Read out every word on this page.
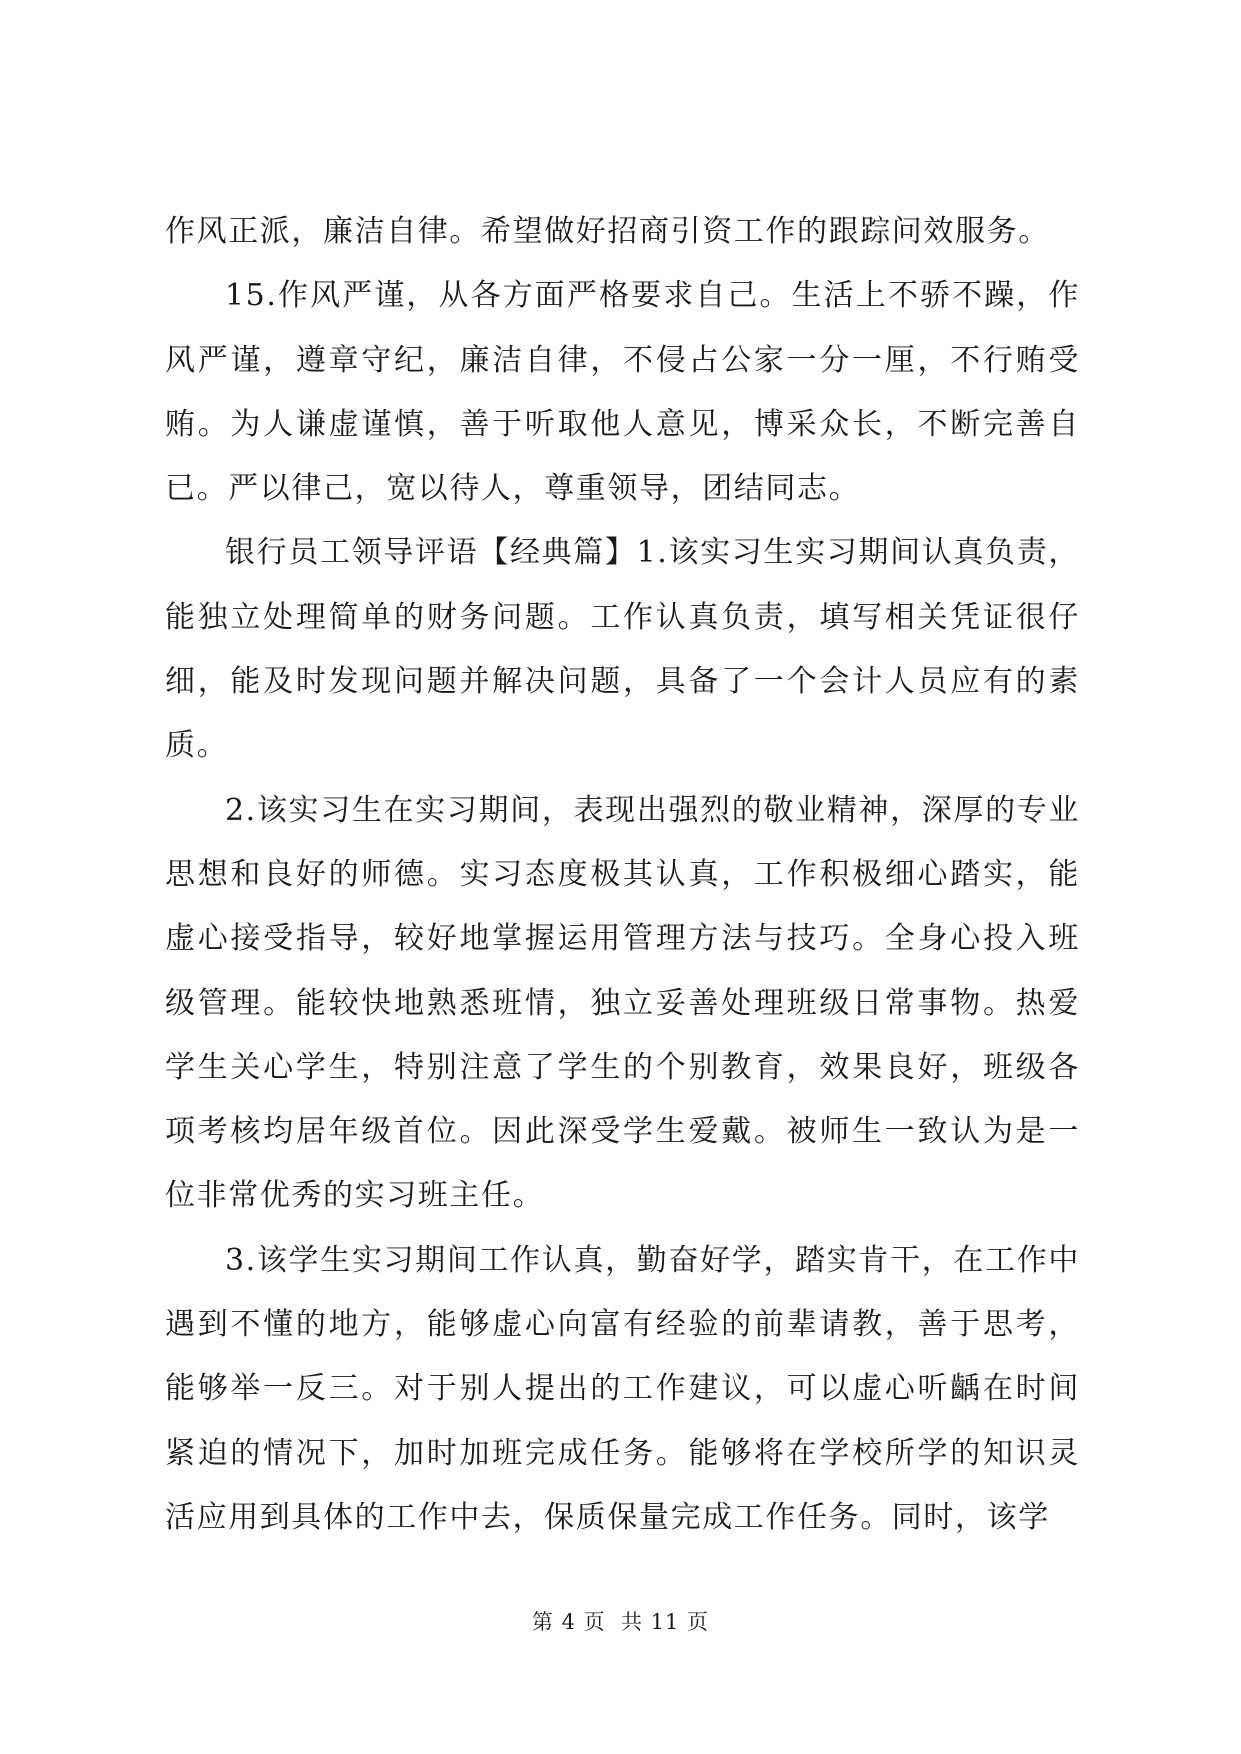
作风正派，廉洁自律。希望做好招商引资工作的跟踪问效服务。

15.作风严谨，从各方面严格要求自己。生活上不骄不躁，作风严谨，遵章守纪，廉洁自律，不侵占公家一分一厘，不行贿受贿。为人谦虚谨慎，善于听取他人意见，博采众长，不断完善自已。严以律己，宽以待人，尊重领导，团结同志。

银行员工领导评语【经典篇】1.该实习生实习期间认真负责，能独立处理简单的财务问题。工作认真负责，填写相关凭证很仔细，能及时发现问题并解决问题，具备了一个会计人员应有的素质。

2.该实习生在实习期间，表现出强烈的敬业精神，深厚的专业思想和良好的师德。实习态度极其认真，工作积极细心踏实，能虚心接受指导，较好地掌握运用管理方法与技巧。全身心投入班级管理。能较快地熟悉班情，独立妥善处理班级日常事物。热爱学生关心学生，特别注意了学生的个别教育，效果良好，班级各项考核均居年级首位。因此深受学生爱戴。被师生一致认为是一位非常优秀的实习班主任。

3.该学生实习期间工作认真，勤奋好学，踏实肯干，在工作中遇到不懂的地方，能够虚心向富有经验的前辈请教，善于思考，能够举一反三。对于别人提出的工作建议，可以虚心听齲在时间紧迫的情况下，加时加班完成任务。能够将在学校所学的知识灵活应用到具体的工作中去，保质保量完成工作任务。同时，该学

第 4 页  共 11 页
